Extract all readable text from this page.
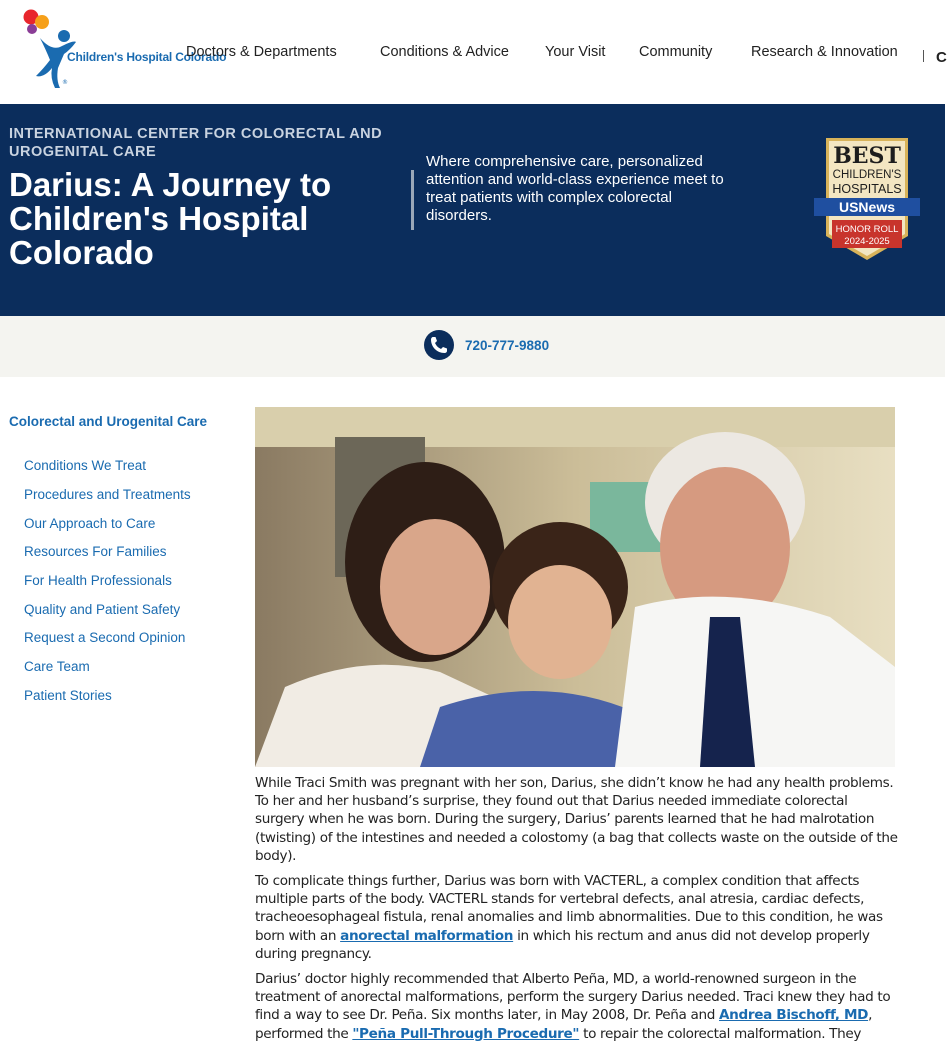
®
Children's Hospital Colorado
Doctors & Departments	Conditions & Advice Your Visit Community	Research & Innovation	C
INTERNATIONAL CENTER FOR COLORECTAL AND UROGENITAL CARE
Darius: A Journey to Children's Hospital Colorado
Where comprehensive care, personalized attention and world-class experience meet to treat patients with complex colorectal disorders.
BEST
CHILDREN'S
HOSPITALS
USNews
HONOR ROLL
2024-2025
720-777-9880
Colorectal and Urogenital Care
Conditions We Treat
Procedures and Treatments
Our Approach to Care
Resources For Families
For Health Professionals
Quality and Patient Safety
Request a Second Opinion
Care Team
Patient Stories

While Traci Smith was pregnant with her son, Darius, she didn’t know he had any health problems. To her and her husband’s surprise, they found out that Darius needed immediate colorectal surgery when he was born. During the surgery, Darius’ parents learned that he had malrotation (twisting) of the intestines and needed a colostomy (a bag that collects waste on the outside of the body).

To complicate things further, Darius was born with VACTERL, a complex condition that affects multiple parts of the body. VACTERL stands for vertebral defects, anal atresia, cardiac defects, tracheoesophageal fistula, renal anomalies and limb abnormalities. Due to this condition, he was born with an anorectal malformation in which his rectum and anus did not develop properly during pregnancy.

Darius’ doctor highly recommended that Alberto Peña, MD, a world-renowned surgeon in the treatment of anorectal malformations, perform the surgery Darius needed. Traci knew they had to find a way to see Dr. Peña. Six months later, in May 2008, Dr. Peña and Andrea Bischoff, MD, performed the "Peña Pull-Through Procedure" to repair the colorectal malformation. They
